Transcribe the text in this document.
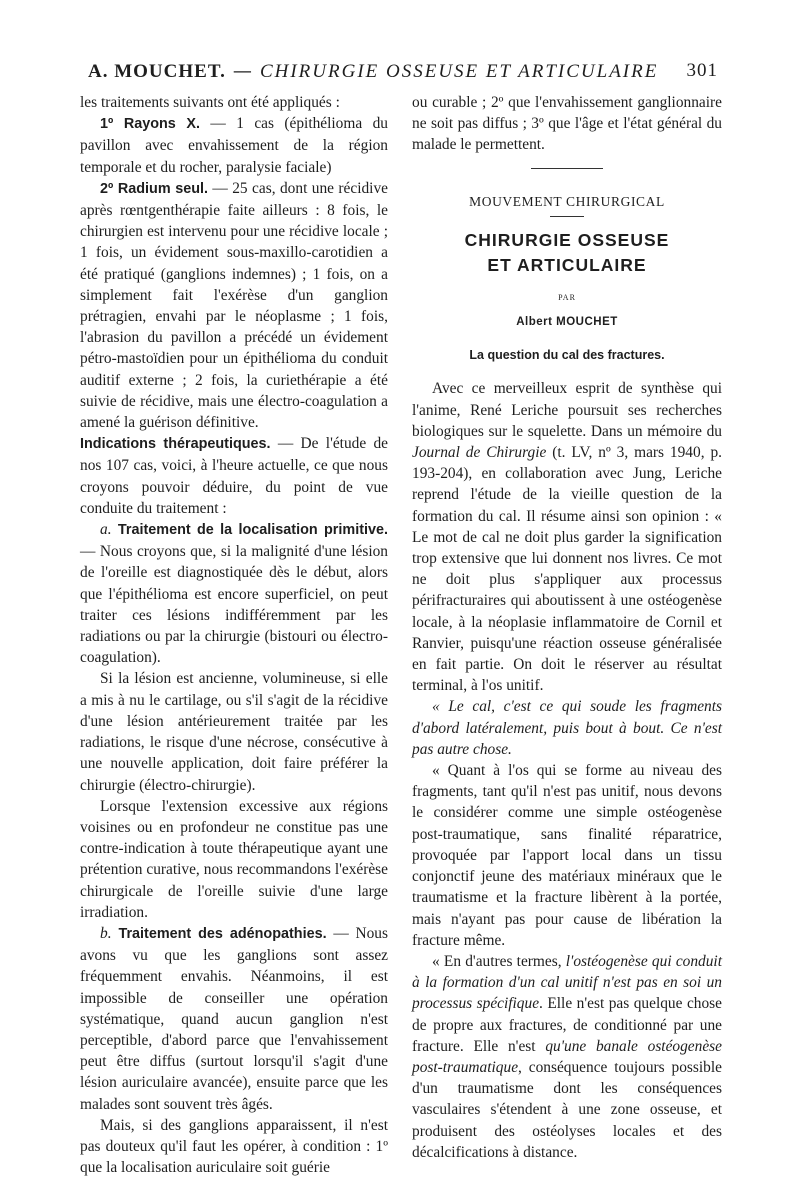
A. MOUCHET. — CHIRURGIE OSSEUSE ET ARTICULAIRE 301

les traitements suivants ont été appliqués :

1º Rayons X. — 1 cas (épithélioma du pavillon avec envahissement de la région temporale et du rocher, paralysie faciale)

2º Radium seul. — 25 cas, dont une récidive après rœntgenthérapie faite ailleurs : 8 fois, le chirurgien est intervenu pour une récidive locale ; 1 fois, un évidement sous-maxillo-carotidien a été pratiqué (ganglions indemnes) ; 1 fois, on a simplement fait l'exérèse d'un ganglion prétragien, envahi par le néoplasme ; 1 fois, l'abrasion du pavillon a précédé un évidement pétro-mastoïdien pour un épithélioma du conduit auditif externe ; 2 fois, la curiethérapie a été suivie de récidive, mais une électro-coagulation a amené la guérison définitive.

Indications thérapeutiques. — De l'étude de nos 107 cas, voici, à l'heure actuelle, ce que nous croyons pouvoir déduire, du point de vue conduite du traitement :

a. Traitement de la localisation primitive. — Nous croyons que, si la malignité d'une lésion de l'oreille est diagnostiquée dès le début, alors que l'épithélioma est encore superficiel, on peut traiter ces lésions indifféremment par les radiations ou par la chirurgie (bistouri ou électro-coagulation).

Si la lésion est ancienne, volumineuse, si elle a mis à nu le cartilage, ou s'il s'agit de la récidive d'une lésion antérieurement traitée par les radiations, le risque d'une nécrose, consécutive à une nouvelle application, doit faire préférer la chirurgie (électro-chirurgie).

Lorsque l'extension excessive aux régions voisines ou en profondeur ne constitue pas une contre-indication à toute thérapeutique ayant une prétention curative, nous recommandons l'exérèse chirurgicale de l'oreille suivie d'une large irradiation.

b. Traitement des adénopathies. — Nous avons vu que les ganglions sont assez fréquemment envahis. Néanmoins, il est impossible de conseiller une opération systématique, quand aucun ganglion n'est perceptible, d'abord parce que l'envahissement peut être diffus (surtout lorsqu'il s'agit d'une lésion auriculaire avancée), ensuite parce que les malades sont souvent très âgés.

Mais, si des ganglions apparaissent, il n'est pas douteux qu'il faut les opérer, à condition : 1º que la localisation auriculaire soit guérie

ou curable ; 2º que l'envahissement ganglionnaire ne soit pas diffus ; 3º que l'âge et l'état général du malade le permettent.

MOUVEMENT CHIRURGICAL
CHIRURGIE OSSEUSE
ET ARTICULAIRE
PAR
Albert MOUCHET
La question du cal des fractures.

Avec ce merveilleux esprit de synthèse qui l'anime, René Leriche poursuit ses recherches biologiques sur le squelette. Dans un mémoire du Journal de Chirurgie (t. LV, nº 3, mars 1940, p. 193-204), en collaboration avec Jung, Leriche reprend l'étude de la vieille question de la formation du cal. Il résume ainsi son opinion : « Le mot de cal ne doit plus garder la signification trop extensive que lui donnent nos livres. Ce mot ne doit plus s'appliquer aux processus périfracturaires qui aboutissent à une ostéogenèse locale, à la néoplasie inflammatoire de Cornil et Ranvier, puisqu'une réaction osseuse généralisée en fait partie. On doit le réserver au résultat terminal, à l'os unitif.

« Le cal, c'est ce qui soude les fragments d'abord latéralement, puis bout à bout. Ce n'est pas autre chose.

« Quant à l'os qui se forme au niveau des fragments, tant qu'il n'est pas unitif, nous devons le considérer comme une simple ostéogenèse post-traumatique, sans finalité réparatrice, provoquée par l'apport local dans un tissu conjonctif jeune des matériaux minéraux que le traumatisme et la fracture libèrent à la portée, mais n'ayant pas pour cause de libération la fracture même.

« En d'autres termes, l'ostéogenèse qui conduit à la formation d'un cal unitif n'est pas en soi un processus spécifique. Elle n'est pas quelque chose de propre aux fractures, de conditionné par une fracture. Elle n'est qu'une banale ostéogenèse post-traumatique, conséquence toujours possible d'un traumatisme dont les conséquences vasculaires s'étendent à une zone osseuse, et produisent des ostéolyses locales et des décalcifications à distance.
